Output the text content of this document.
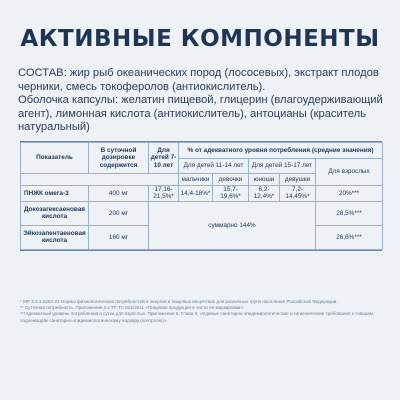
АКТИВНЫЕ КОМПОНЕНТЫ

СОСТАВ: жир рыб океанических пород (лососевых), экстракт плодов черники, смесь токоферолов (антиокислитель).

Оболочка капсулы: желатин пищевой, глицерин (влагоудерживающий агент), лимонная кислота (антиокислитель), антоцианы (краситель натуральный)

Показатель	В суточной дозировке содержится	Для детей 7-10 лет	% от адекватного уровня потребления (средние значения)				
			Для детей 11-14 лет		Для детей 15-17 лет		Для взрослых
			мальчики	девочки	юноши	девушки	
ПНЖК омега-3	400 мг	17,16-21,5%*	14,4-18%*	15,7-19,6%*	6,2-12,4%*	7,2-14,45%*	20%***
Докозагексаеновая кислота	200 мг	суммарно 144%					28,5%***
Эйкозапентаеновая кислота	160 мг						26,6%***

* МР 2.3.1.0253-21 Нормы физиологических потребностей в энергии и пищевых веществах для различных групп населения Российской Федерации.

** Суточная потребность. Приложение 2 к ТР ТС 022/2011 «Пищевая продукция в части ее маркировки».

***Адекватный уровень потребления в сутки для взрослых. Приложение 5, Глава II, «Единые санитарно-эпидемиологические и гигиенические требования к товарам, подлежащим санитарно-эпидемиологическому надзору (контролю)».
